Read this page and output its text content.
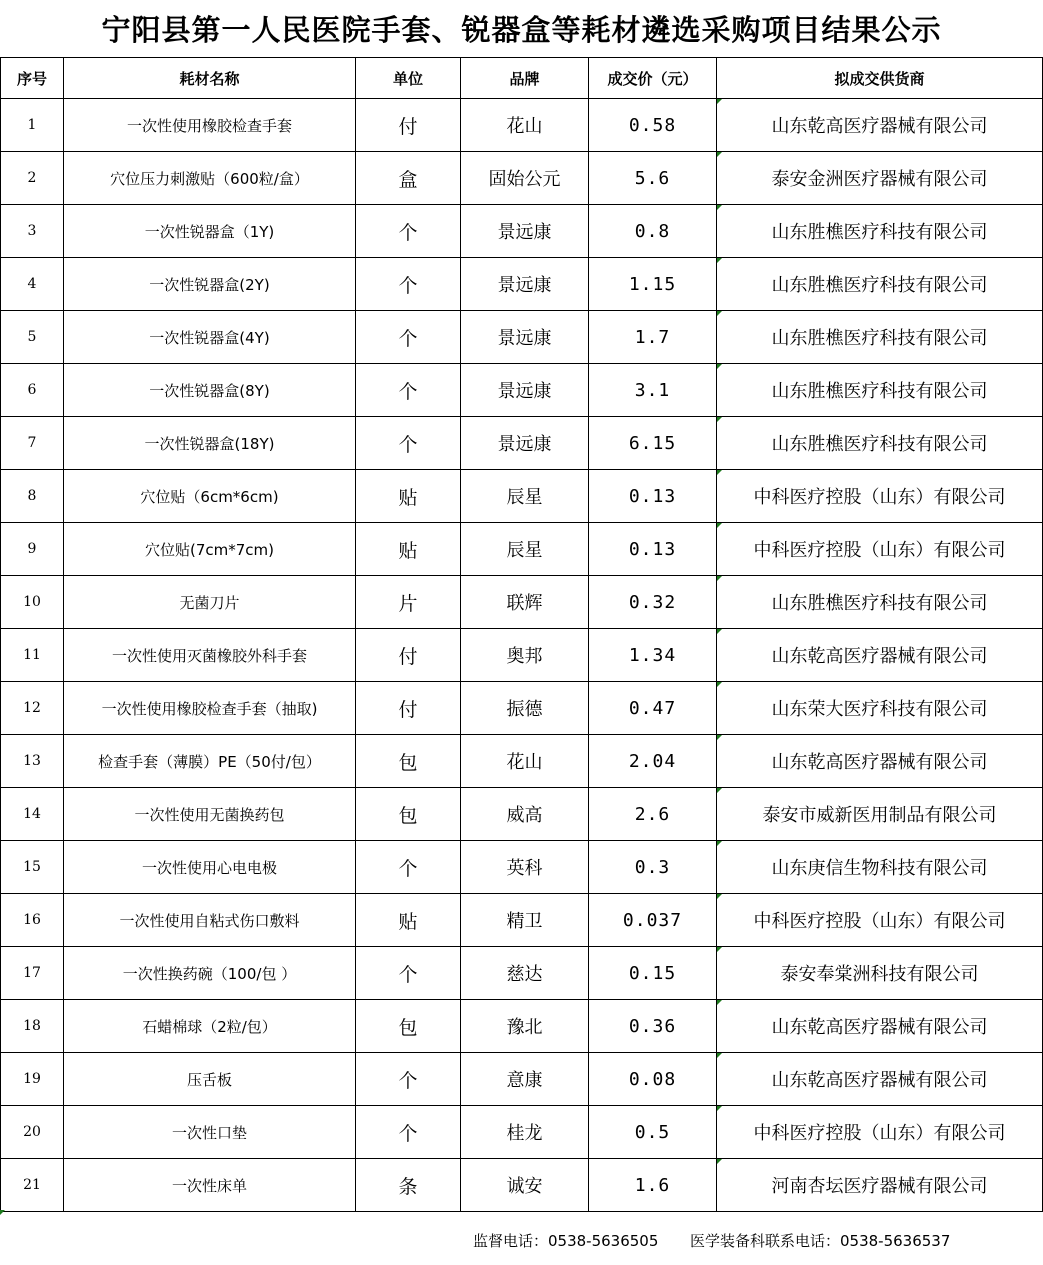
宁阳县第一人民医院手套、锐器盒等耗材遴选采购项目结果公示
序号	耗材名称	单位	品牌	成交价（元）	拟成交供货商
1	一次性使用橡胶检查手套	付	花山	0.58	山东乾高医疗器械有限公司

2	穴位压力刺激贴（600粒/盒）	盒	固始公元	5.6	泰安金洲医疗器械有限公司

3	一次性锐器盒（1Y)	个	景远康	0.8	山东胜樵医疗科技有限公司

4	一次性锐器盒(2Y)	个	景远康	1.15	山东胜樵医疗科技有限公司

5	一次性锐器盒(4Y)	个	景远康	1.7	山东胜樵医疗科技有限公司

6	一次性锐器盒(8Y)	个	景远康	3.1	山东胜樵医疗科技有限公司

7	一次性锐器盒(18Y)	个	景远康	6.15	山东胜樵医疗科技有限公司

8	穴位贴（6cm*6cm)	贴	辰星	0.13	中科医疗控股（山东）有限公司

9	穴位贴(7cm*7cm)	贴	辰星	0.13	中科医疗控股（山东）有限公司

10	无菌刀片	片	联辉	0.32	山东胜樵医疗科技有限公司

11	一次性使用灭菌橡胶外科手套	付	奥邦	1.34	山东乾高医疗器械有限公司

12	一次性使用橡胶检查手套（抽取)	付	振德	0.47	山东荣大医疗科技有限公司

13	检查手套（薄膜）PE（50付/包）	包	花山	2.04	山东乾高医疗器械有限公司

14	一次性使用无菌换药包	包	威高	2.6	泰安市威新医用制品有限公司

15	一次性使用心电电极	个	英科	0.3	山东庚信生物科技有限公司

16	一次性使用自粘式伤口敷料	贴	精卫	0.037	中科医疗控股（山东）有限公司

17	一次性换药碗（100/包 ）	个	慈达	0.15	泰安奉棠洲科技有限公司

18	石蜡棉球（2粒/包）	包	豫北	0.36	山东乾高医疗器械有限公司

19	压舌板	个	意康	0.08	山东乾高医疗器械有限公司

20	一次性口垫	个	桂龙	0.5	中科医疗控股（山东）有限公司

21	一次性床单	条	诚安	1.6	河南杏坛医疗器械有限公司
监督电话：0538-5636505 医学装备科联系电话：0538-5636537
